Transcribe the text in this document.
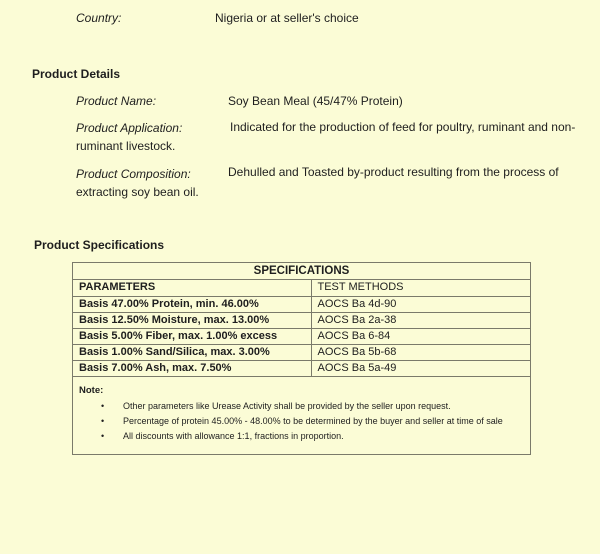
Country:	Nigeria or at seller's choice
Product Details
Product Name:	Soy Bean Meal (45/47% Protein)
Product Application:	Indicated for the production of feed for poultry, ruminant and non-
ruminant livestock.
Product Composition:	Dehulled and Toasted by-product resulting from the process of
extracting soy bean oil.
Product Specifications
SPECIFICATIONS
PARAMETERS	TEST METHODS
Basis 47.00% Protein, min. 46.00%	AOCS Ba 4d-90
Basis 12.50% Moisture, max. 13.00%	AOCS Ba 2a-38
Basis 5.00% Fiber, max. 1.00% excess	AOCS Ba 6-84
Basis 1.00% Sand/Silica, max. 3.00%	AOCS Ba 5b-68
Basis 7.00% Ash, max. 7.50%	AOCS Ba 5a-49
Note:
• Other parameters like Urease Activity shall be provided by the seller upon request.
• Percentage of protein 45.00% - 48.00% to be determined by the buyer and seller at time of sale
• All discounts with allowance 1:1, fractions in proportion.
